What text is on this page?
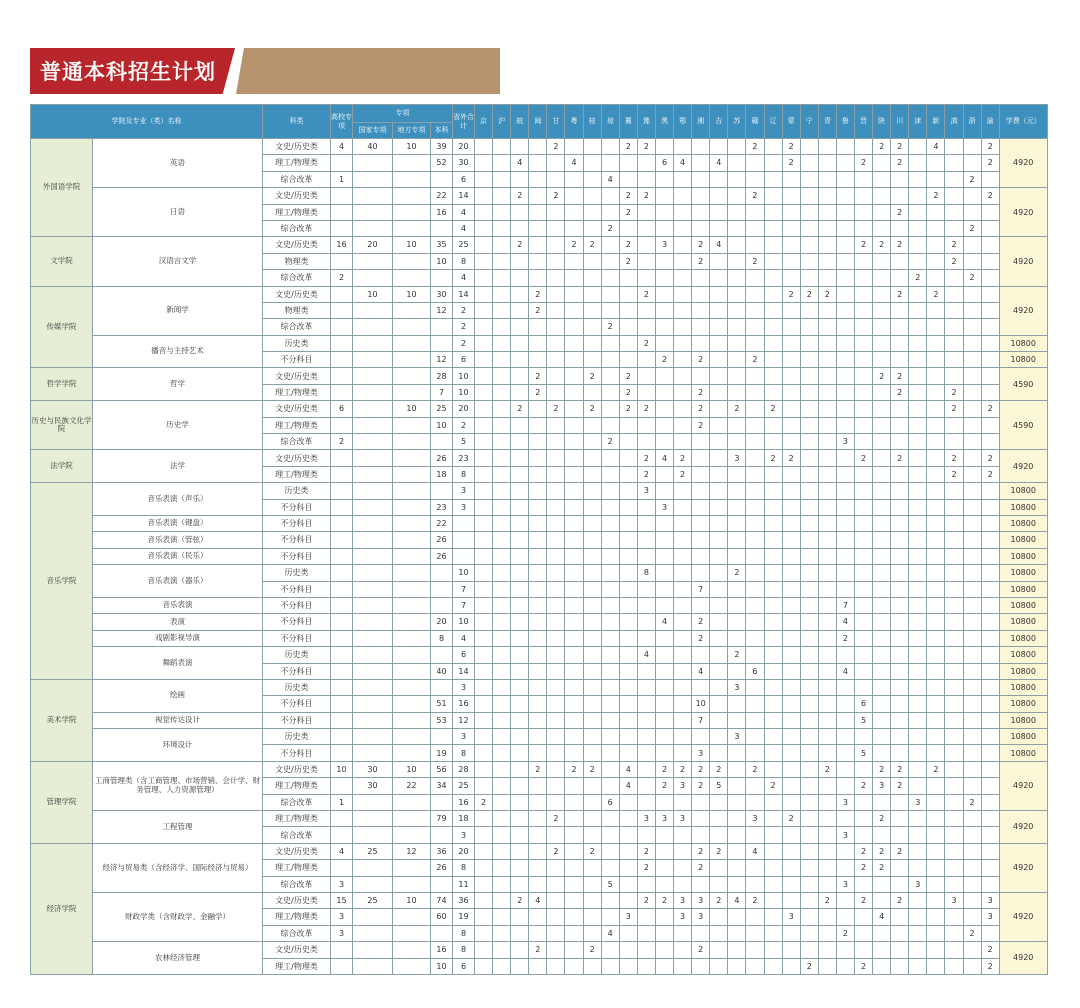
普通本科招生计划
学院及专业（类）名称		科类	高校专项	专项			省外合计	京	沪	皖	闽	甘	粤	桂	琼	冀	豫	黑	鄂	湘	吉	苏	赣	辽	蒙	宁	青	鲁	晋	陕	川	津	新	滇	浙	渝	学费（元）
				国家专项	地方专项	本科																															
外国语学院	英语	文史/历史类	4	40	10	39	20					2				2	2						2		2					2	2		4			2	4920
		理工/物理类				52	30			4			4					6	4		4				2				2		2					2	
		综合改革	1				6								4																				2		
	日语	文史/历史类				22	14			2		2				2	2						2										2			2	4920
		理工/物理类				16	4									2															2						
		综合改革					4								2																				2		
文学院	汉语言文学	文史/历史类	16	20	10	35	25			2			2	2		2		3		2	4								2	2	2			2			4920
		物理类				10	8									2				2			2											2			
		综合改革	2				4																									2			2		
传媒学院	新闻学	文史/历史类		10	10	30	14				2						2								2	2	2				2		2				4920
		物理类				12	2				2																										
		综合改革					2								2																						
	播音与主持艺术	历史类					2										2																				10800
		不分科目				12	6											2		2			2														10800
哲学学院	哲学	文史/历史类				28	10				2			2		2														2	2						4590
		理工/物理类				7	10				2					2				2											2			2			
历史与民族文化学院	历史学	文史/历史类	6		10	25	20			2		2		2		2	2			2		2		2										2		2	4590
		理工/物理类				10	2													2																	
		综合改革	2				5								2													3									
法学院	法学	文史/历史类				26	23										2	4	2			3		2	2				2		2			2		2	4920
		理工/物理类				18	8										2		2															2		2	
音乐学院	音乐表演（声乐）	历史类					3										3																				10800
		不分科目				23	3											3																			10800
	音乐表演（键盘）	不分科目				22																															10800
	音乐表演（管弦）	不分科目				26																															10800
	音乐表演（民乐）	不分科目				26																															10800
	音乐表演（器乐）	历史类					10										8					2															10800
		不分科目					7													7																	10800
	音乐表演	不分科目					7																					7									10800
	表演	不分科目				20	10											4		2								4									10800
	戏剧影视导演	不分科目				8	4													2								2									10800
	舞蹈表演	历史类					6										4					2															10800
		不分科目				40	14													4			6					4									10800
美术学院	绘画	历史类					3															3															10800
		不分科目				51	16													10									6								10800
	视觉传达设计	不分科目				53	12													7									5								10800
	环境设计	历史类					3															3															10800
		不分科目				19	8													3									5								10800
管理学院	工商管理类（含工商管理、市场营销、会计学、财务管理、人力资源管理）	文史/历史类	10	30	10	56	28				2		2	2		4		2	2	2	2		2				2			2	2		2				4920
		理工/物理类		30	22	34	25									4		2	3	2	5			2					2	3	2						
		综合改革	1				16	2							6													3				3			2		
	工程管理	理工/物理类				79	18					2					3	3	3				3		2					2							4920
		综合改革					3																					3									
经济学院	经济与贸易类（含经济学、国际经济与贸易）	文史/历史类	4	25	12	36	20					2		2			2			2	2		4						2	2	2						4920
		理工/物理类				26	8										2			2									2	2							
		综合改革	3				11								5													3				3					
	财政学类（含财政学、金融学）	文史/历史类	15	25	10	74	36			2	4						2	2	3	3	2	4	2				2		2		2			3		3	4920
		理工/物理类	3			60	19									3			3	3					3					4						3	
		综合改革	3				8								4													2							2		
	农林经济管理	文史/历史类				16	8				2			2						2																2	4920
		理工/物理类				10	6																			2			2							2	
